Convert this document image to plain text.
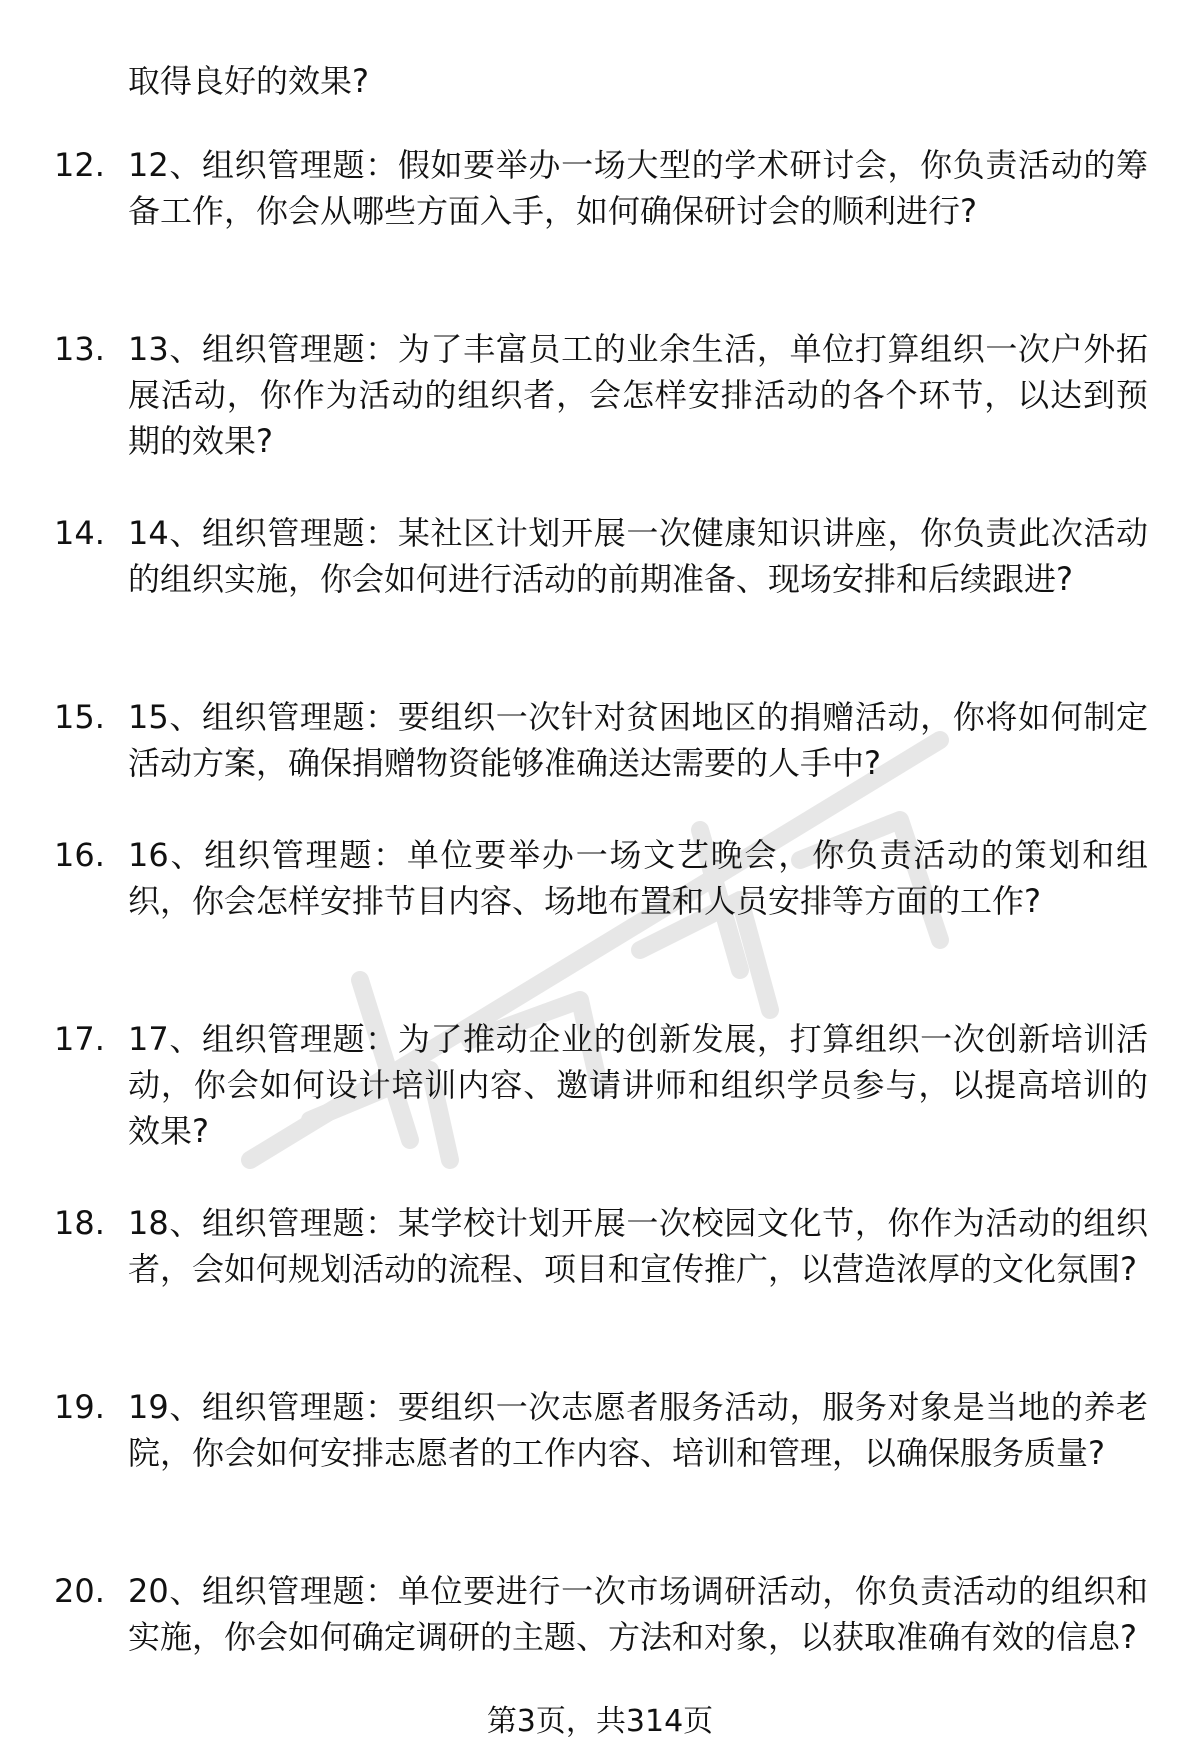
取得良好的效果?

12. 12、组织管理题：假如要举办一场大型的学术研讨会，你负责活动的筹备工作，你会从哪些方面入手，如何确保研讨会的顺利进行?

13. 13、组织管理题：为了丰富员工的业余生活，单位打算组织一次户外拓展活动，你作为活动的组织者，会怎样安排活动的各个环节，以达到预期的效果?

14. 14、组织管理题：某社区计划开展一次健康知识讲座，你负责此次活动的组织实施，你会如何进行活动的前期准备、现场安排和后续跟进?

15. 15、组织管理题：要组织一次针对贫困地区的捐赠活动，你将如何制定活动方案，确保捐赠物资能够准确送达需要的人手中?

16. 16、组织管理题：单位要举办一场文艺晚会，你负责活动的策划和组织，你会怎样安排节目内容、场地布置和人员安排等方面的工作?

17. 17、组织管理题：为了推动企业的创新发展，打算组织一次创新培训活动，你会如何设计培训内容、邀请讲师和组织学员参与，以提高培训的效果?

18. 18、组织管理题：某学校计划开展一次校园文化节，你作为活动的组织者，会如何规划活动的流程、项目和宣传推广，以营造浓厚的文化氛围?

19. 19、组织管理题：要组织一次志愿者服务活动，服务对象是当地的养老院，你会如何安排志愿者的工作内容、培训和管理，以确保服务质量?

20. 20、组织管理题：单位要进行一次市场调研活动，你负责活动的组织和实施，你会如何确定调研的主题、方法和对象，以获取准确有效的信息?

第3页，共314页
